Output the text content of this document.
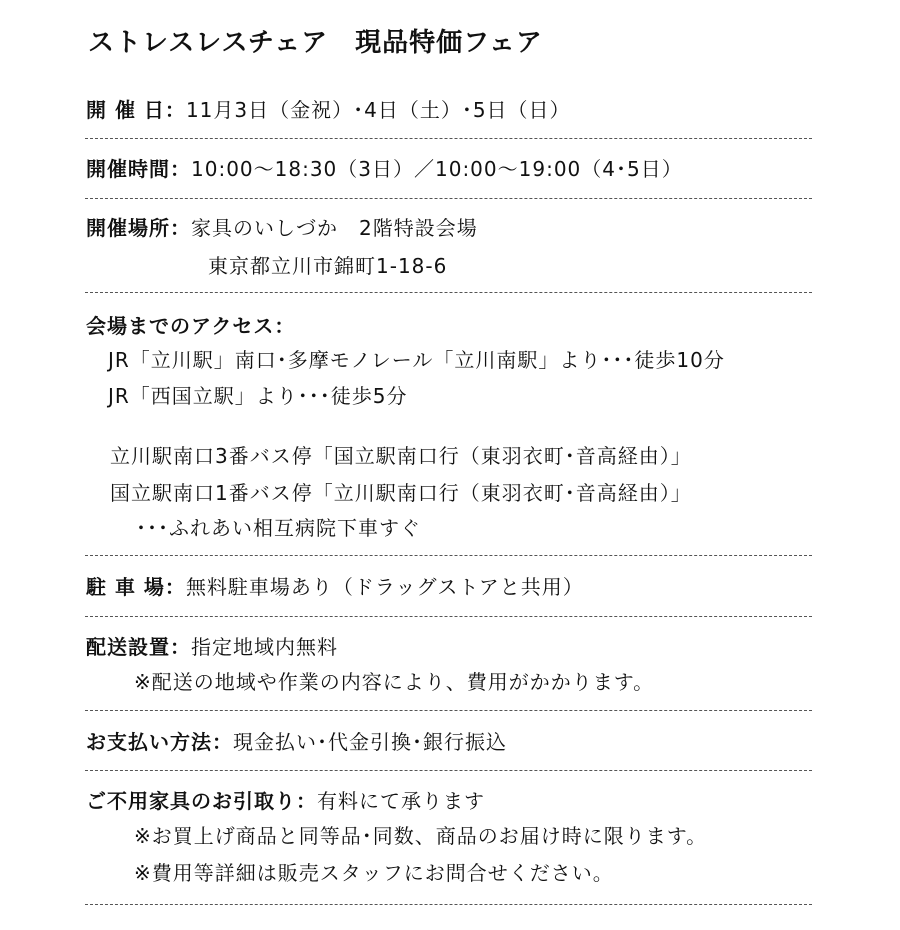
ストレスレスチェア　現品特価フェア
開 催 日：11月3日（金祝）･4日（土）･5日（日）
開催時間：10:00～18:30（3日）／10:00～19:00（4･5日）
開催場所：家具のいしづか　2階特設会場
東京都立川市錦町1-18-6
会場までのアクセス：
JR「立川駅」南口･多摩モノレール「立川南駅」より･･･徒歩10分
JR「西国立駅」より･･･徒歩5分
立川駅南口3番バス停「国立駅南口行（東羽衣町･音高経由）」
国立駅南口1番バス停「立川駅南口行（東羽衣町･音高経由）」
･･･ふれあい相互病院下車すぐ
駐 車 場：無料駐車場あり（ドラッグストアと共用）
配送設置：指定地域内無料
※配送の地域や作業の内容により、費用がかかります。
お支払い方法：現金払い･代金引換･銀行振込
ご不用家具のお引取り：有料にて承ります
※お買上げ商品と同等品･同数、商品のお届け時に限ります。
※費用等詳細は販売スタッフにお問合せください。
